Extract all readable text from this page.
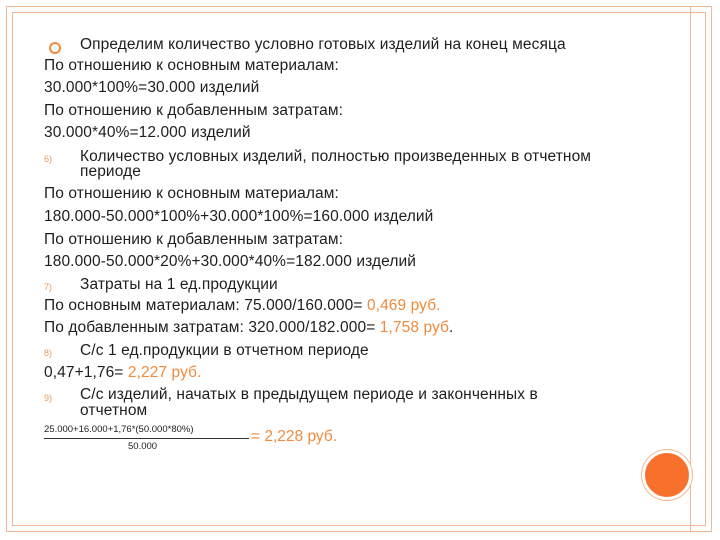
Определим количество условно готовых изделий на конец месяца
По отношению к основным материалам:
30.000*100%=30.000 изделий
По отношению к добавленным затратам:
30.000*40%=12.000 изделий
6) Количество условных изделий, полностью произведенных в отчетном
периоде
По отношению к основным материалам:
180.000-50.000*100%+30.000*100%=160.000 изделий
По отношению к добавленным затратам:
180.000-50.000*20%+30.000*40%=182.000 изделий
7) Затраты на 1 ед.продукции
По основным материалам: 75.000/160.000= 0,469 руб.
По добавленным затратам: 320.000/182.000= 1,758 руб.
8) С/с 1 ед.продукции в отчетном периоде
0,47+1,76= 2,227 руб.
9) С/с изделий, начатых в предыдущем периоде и законченных в
отчетном
25.000+16.000+1,76*(50.000*80%)
50.000
= 2,228 руб.
